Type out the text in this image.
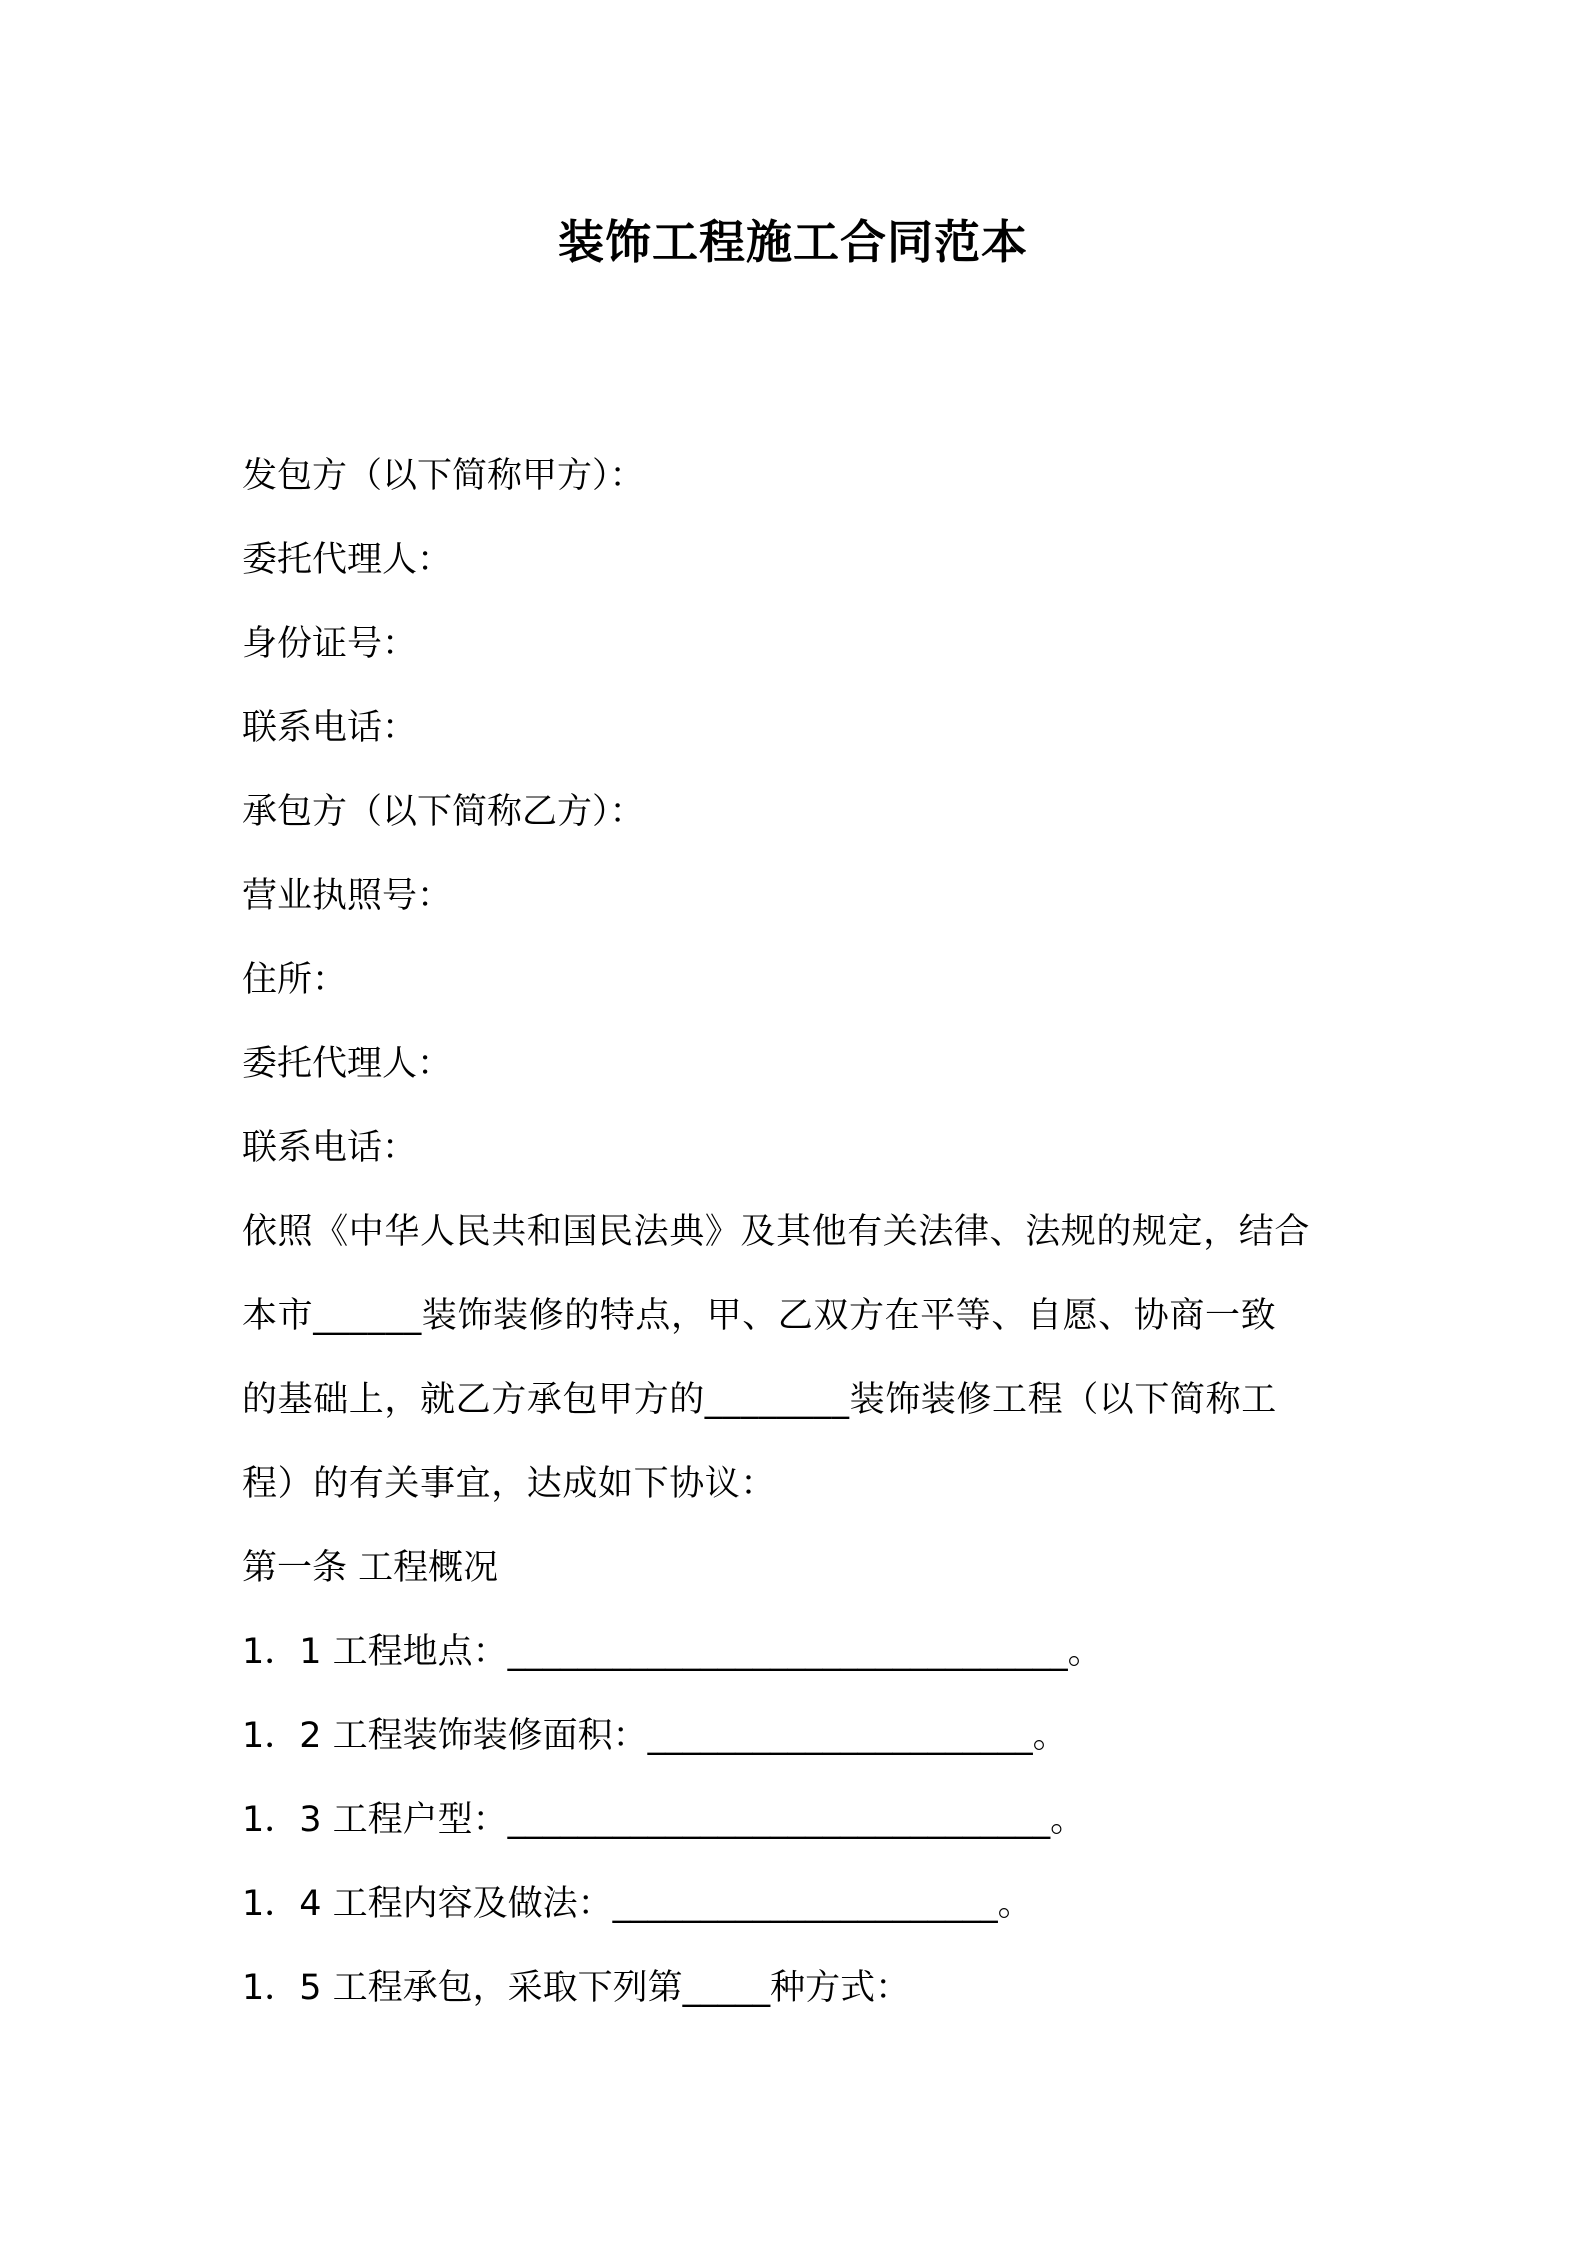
装饰工程施工合同范本
发包方（以下简称甲方）：
委托代理人：
身份证号：
联系电话：
承包方（以下简称乙方）：
营业执照号：
住所：
委托代理人：
联系电话：
依照《中华人民共和国民法典》及其他有关法律、法规的规定，结合
本市______装饰装修的特点，甲、乙双方在平等、自愿、协商一致
的基础上，就乙方承包甲方的________装饰装修工程（以下简称工
程）的有关事宜，达成如下协议：
第一条 工程概况
1．1 工程地点：________________________________。
1．2 工程装饰装修面积：______________________。
1．3 工程户型：_______________________________。
1．4 工程内容及做法：______________________。
1．5 工程承包，采取下列第_____种方式：
